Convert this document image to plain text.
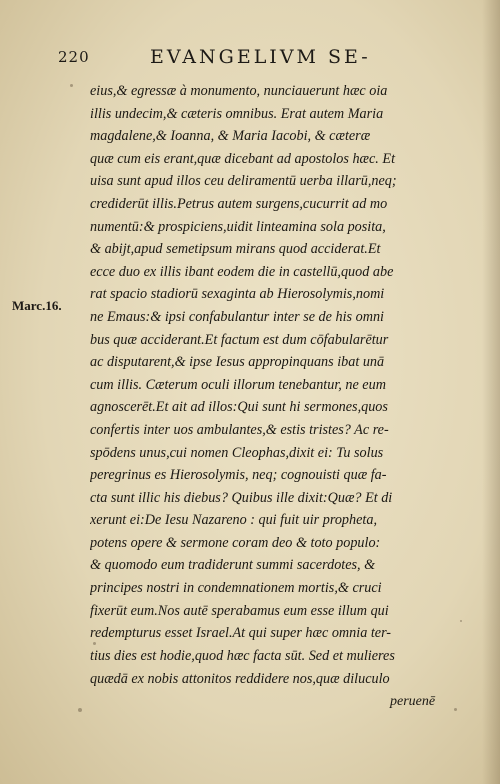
220	EVANGELIVM SE-
Marc.16.
eius,& egressæ à monumento, nunciauerunt hæc oia
illis undecim,& cæteris omnibus. Erat autem Maria
magdalene,& Ioanna, & Maria Iacobi, & cæteræ
quæ cum eis erant,quæ dicebant ad apostolos hæc. Et
uisa sunt apud illos ceu deliramentū uerba illarū,neq;
crediderūt illis.Petrus autem surgens,cucurrit ad mo
numentū:& prospiciens,uidit linteamina sola posita,
& abijt,apud semetipsum mirans quod acciderat.Et
ecce duo ex illis ibant eodem die in castellū,quod abe
rat spacio stadiorū sexaginta ab Hierosolymis,nomi
ne Emaus:& ipsi confabulantur inter se de his omni
bus quæ acciderant.Et factum est dum cōfabularētur
ac disputarent,& ipse Iesus appropinquans ibat unā
cum illis. Cæterum oculi illorum tenebantur, ne eum
agnoscerēt.Et ait ad illos:Qui sunt hi sermones,quos
confertis inter uos ambulantes,& estis tristes? Ac re-
spōdens unus,cui nomen Cleophas,dixit ei: Tu solus
peregrinus es Hierosolymis, neq; cognouisti quæ fa-
cta sunt illic his diebus? Quibus ille dixit:Quæ? Et di
xerunt ei:De Iesu Nazareno : qui fuit uir propheta,
potens opere & sermone coram deo & toto populo:
& quomodo eum tradiderunt summi sacerdotes, &
principes nostri in condemnationem mortis,& cruci
fixerūt eum.Nos autē sperabamus eum esse illum qui
redempturus esset Israel.At qui super hæc omnia ter-
tius dies est hodie,quod hæc facta sūt. Sed et mulieres
peruenē
quædā ex nobis attonitos reddidere nos,quæ diluculo
